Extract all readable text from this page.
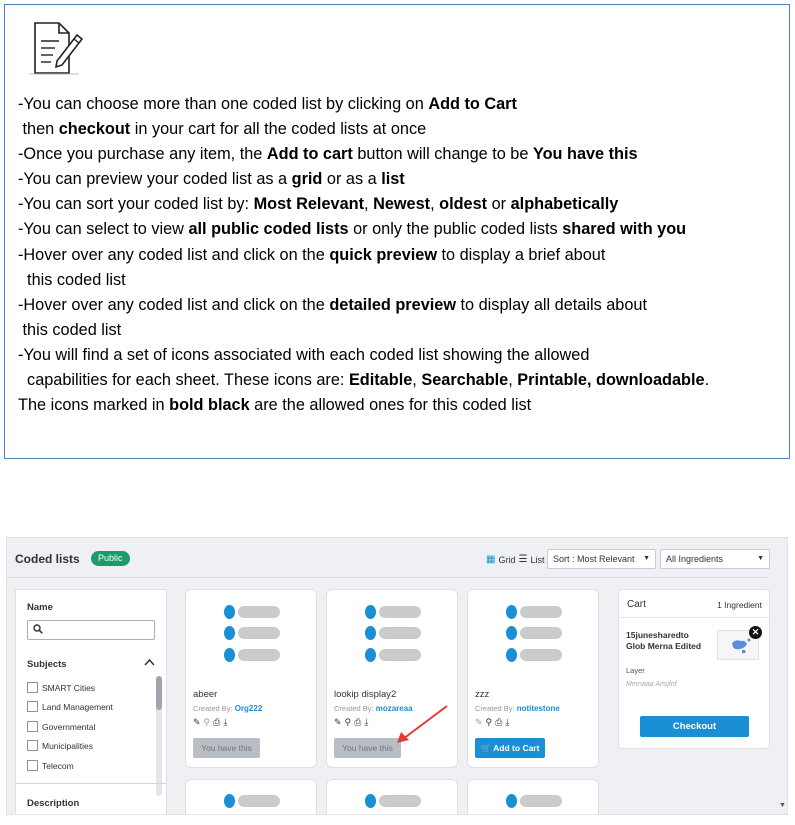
-You can choose more than one coded list by clicking on Add to Cart
then checkout in your cart for all the coded lists at once
-Once you purchase any item, the Add to cart button will change to be You have this
-You can preview your coded list as a grid or as a list
-You can sort your coded list by: Most Relevant, Newest, oldest or alphabetically
-You can select to view all public coded lists or only the public coded lists shared with you
-Hover over any coded list and click on the quick preview to display a brief about
this coded list
-Hover over any coded list and click on the detailed preview to display all details about
this coded list
-You will find a set of icons associated with each coded list showing the allowed
capabilities for each sheet. These icons are: Editable, Searchable, Printable, downloadable.
The icons marked in bold black are the allowed ones for this coded list
Coded lists	Public	▦ Grid ☰ List Sort : Most Relevant ▼	All Ingredients	▼
Name
Subjects
SMART Cities
Land Management
Governmental
Municipalities
Telecom
Description
abeer
Created By: Org222
✎ ⚲ ⎙ ⤓
You have this
lookip display2
Created By: mozareaa
✎ ⚲ ⎙ ⤓
You have this
zzz
Created By: notitestone
✎ ⚲ ⎙ ⤓
🛒 Add to Cart
Cart	1 Ingredient
15junesharedto Glob Merna Edited
Layer
Mernaaa Ansjfnf
✕
Checkout
▼
